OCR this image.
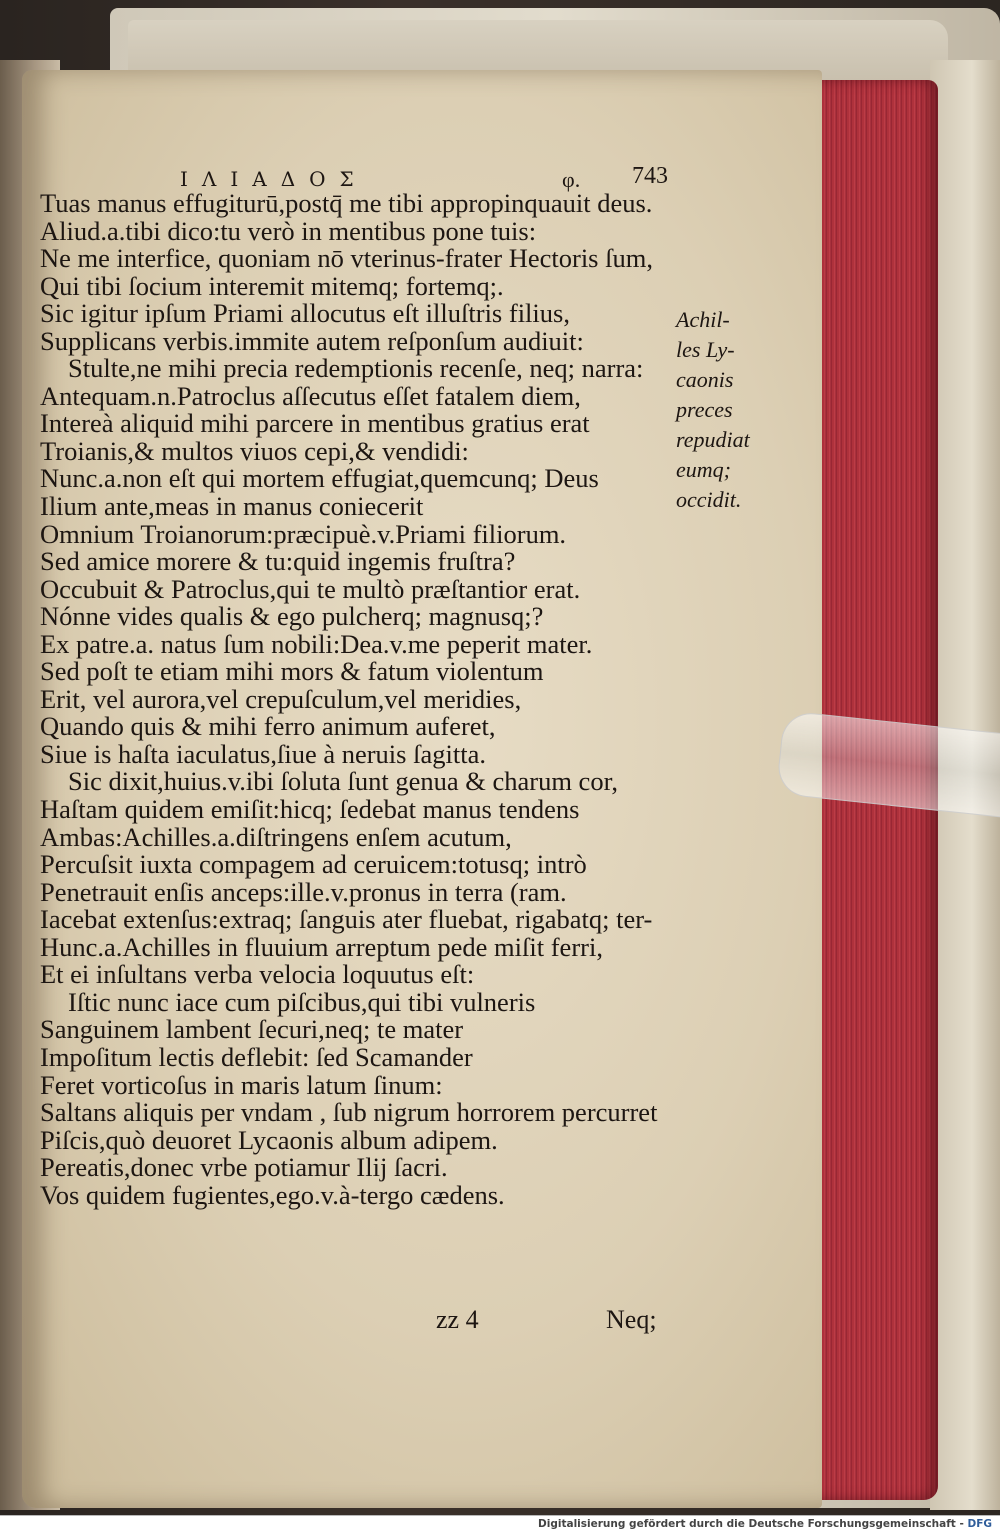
ΙΛΙΑΔΟΣ	φ. 743
Tuas manus effugiturū,postq̄ me tibi appropinquauit deus.
Aliud.a.tibi dico:tu verò in mentibus pone tuis:
Ne me interfice, quoniam nō vterinus-frater Hectoris ſum,
Qui tibi ſocium interemit mitemq; fortemq;.
Sic igitur ipſum Priami allocutus eſt illuſtris filius,
Supplicans verbis.immite autem reſponſum audiuit:
Stulte,ne mihi precia redemptionis recenſe, neq; narra:
Antequam.n.Patroclus aſſecutus eſſet fatalem diem,
Intereà aliquid mihi parcere in mentibus gratius erat
Troianis,& multos viuos cepi,& vendidi:
Nunc.a.non eſt qui mortem effugiat,quemcunq; Deus
Ilium ante,meas in manus coniecerit
Omnium Troianorum:præcipuè.v.Priami filiorum.
Sed amice morere & tu:quid ingemis fruſtra?
Occubuit & Patroclus,qui te multò præſtantior erat.
Nónne vides qualis & ego pulcherq; magnusq;?
Ex patre.a. natus ſum nobili:Dea.v.me peperit mater.
Sed poſt te etiam mihi mors & fatum violentum
Erit, vel aurora,vel crepuſculum,vel meridies,
Quando quis & mihi ferro animum auferet,
Siue is haſta iaculatus,ſiue à neruis ſagitta.
Sic dixit,huius.v.ibi ſoluta ſunt genua & charum cor,
Haſtam quidem emiſit:hicq; ſedebat manus tendens
Ambas:Achilles.a.diſtringens enſem acutum,
Percuſsit iuxta compagem ad ceruicem:totusq; intrò
Penetrauit enſis anceps:ille.v.pronus in terra (ram.
Iacebat extenſus:extraq; ſanguis ater fluebat, rigabatq; ter-
Hunc.a.Achilles in fluuium arreptum pede miſit ferri,
Et ei inſultans verba velocia loquutus eſt:
Iſtic nunc iace cum piſcibus,qui tibi vulneris
Sanguinem lambent ſecuri,neq; te mater
Impoſitum lectis deflebit: ſed Scamander
Feret vorticoſus in maris latum ſinum:
Saltans aliquis per vndam , ſub nigrum horrorem percurret
Piſcis,quò deuoret Lycaonis album adipem.
Pereatis,donec vrbe potiamur Ilij ſacri.
Vos quidem fugientes,ego.v.à-tergo cædens.
Achil-
les Ly-
caonis
preces
repudiat
eumq;
occidit.
zz 4	Neq;
Digitalisierung gefördert durch die Deutsche Forschungsgemeinschaft - DFG
